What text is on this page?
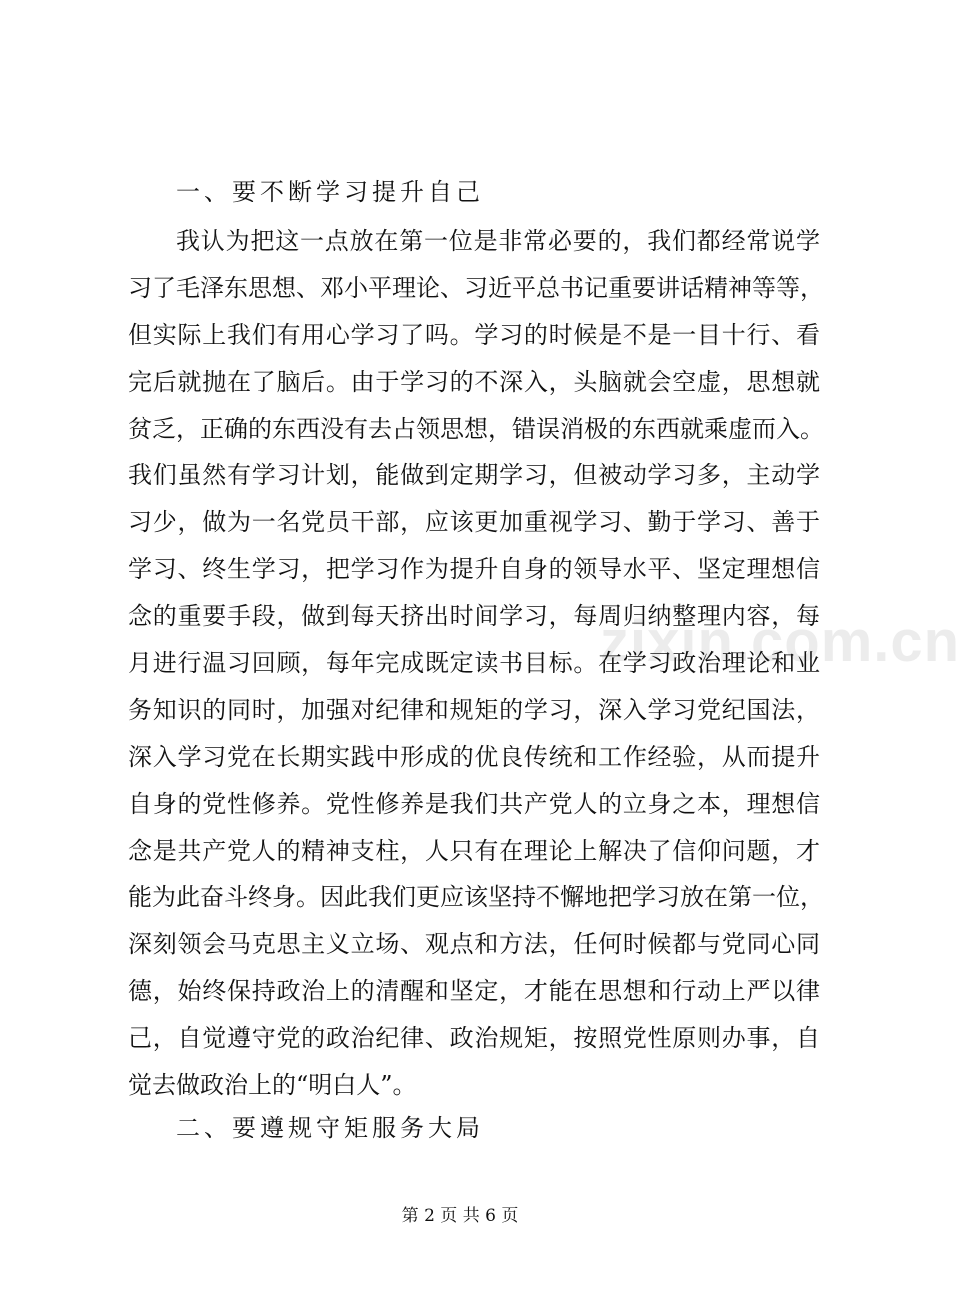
zixin.com.cn
一、要不断学习提升自己
我认为把这一点放在第一位是非常必要的，我们都经常说学
习了毛泽东思想、邓小平理论、习近平总书记重要讲话精神等等，
但实际上我们有用心学习了吗。学习的时候是不是一目十行、看
完后就抛在了脑后。由于学习的不深入，头脑就会空虚，思想就
贫乏，正确的东西没有去占领思想，错误消极的东西就乘虚而入。
我们虽然有学习计划，能做到定期学习，但被动学习多，主动学
习少，做为一名党员干部，应该更加重视学习、勤于学习、善于
学习、终生学习，把学习作为提升自身的领导水平、坚定理想信
念的重要手段，做到每天挤出时间学习，每周归纳整理内容，每
月进行温习回顾，每年完成既定读书目标。在学习政治理论和业
务知识的同时，加强对纪律和规矩的学习，深入学习党纪国法，
深入学习党在长期实践中形成的优良传统和工作经验，从而提升
自身的党性修养。党性修养是我们共产党人的立身之本，理想信
念是共产党人的精神支柱，人只有在理论上解决了信仰问题，才
能为此奋斗终身。因此我们更应该坚持不懈地把学习放在第一位，
深刻领会马克思主义立场、观点和方法，任何时候都与党同心同
德，始终保持政治上的清醒和坚定，才能在思想和行动上严以律
己，自觉遵守党的政治纪律、政治规矩，按照党性原则办事，自
觉去做政治上的“明白人”。
二、要遵规守矩服务大局
第 2 页 共 6 页
